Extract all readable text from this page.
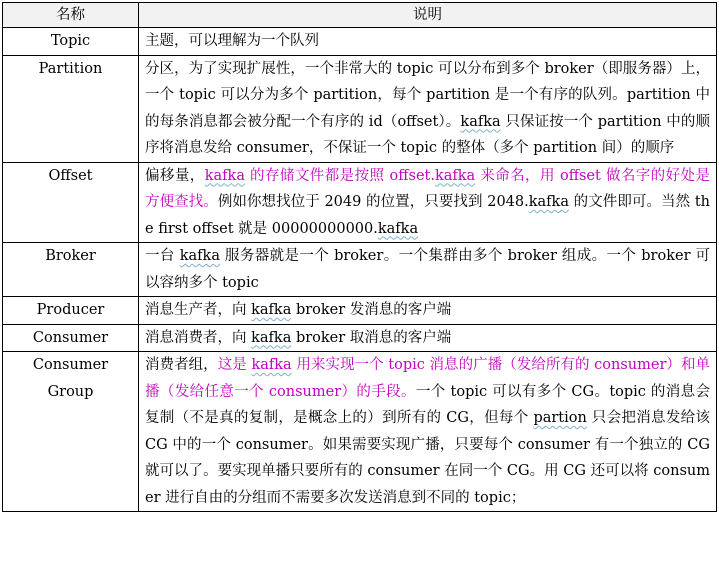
名称	说明
Topic	主题，可以理解为一个队列
Partition	分区，为了实现扩展性，一个非常大的 topic 可以分布到多个 broker（即服务器）上，一个 topic 可以分为多个 partition，每个 partition 是一个有序的队列。partition 中的每条消息都会被分配一个有序的 id（offset）。kafka 只保证按一个 partition 中的顺序将消息发给 consumer，不保证一个 topic 的整体（多个 partition 间）的顺序
Offset	偏移量，kafka 的存储文件都是按照 offset.kafka 来命名，用 offset 做名字的好处是方便查找。例如你想找位于 2049 的位置，只要找到 2048.kafka 的文件即可。当然 the first offset 就是 00000000000.kafka
Broker	一台 kafka 服务器就是一个 broker。一个集群由多个 broker 组成。一个 broker 可以容纳多个 topic
Producer	消息生产者，向 kafka broker 发消息的客户端
Consumer	消息消费者，向 kafka broker 取消息的客户端
Consumer Group	消费者组，这是 kafka 用来实现一个 topic 消息的广播（发给所有的 consumer）和单播（发给任意一个 consumer）的手段。一个 topic 可以有多个 CG。topic 的消息会复制（不是真的复制，是概念上的）到所有的 CG，但每个 partion 只会把消息发给该 CG 中的一个 consumer。如果需要实现广播，只要每个 consumer 有一个独立的 CG 就可以了。要实现单播只要所有的 consumer 在同一个 CG。用 CG 还可以将 consumer 进行自由的分组而不需要多次发送消息到不同的 topic；
